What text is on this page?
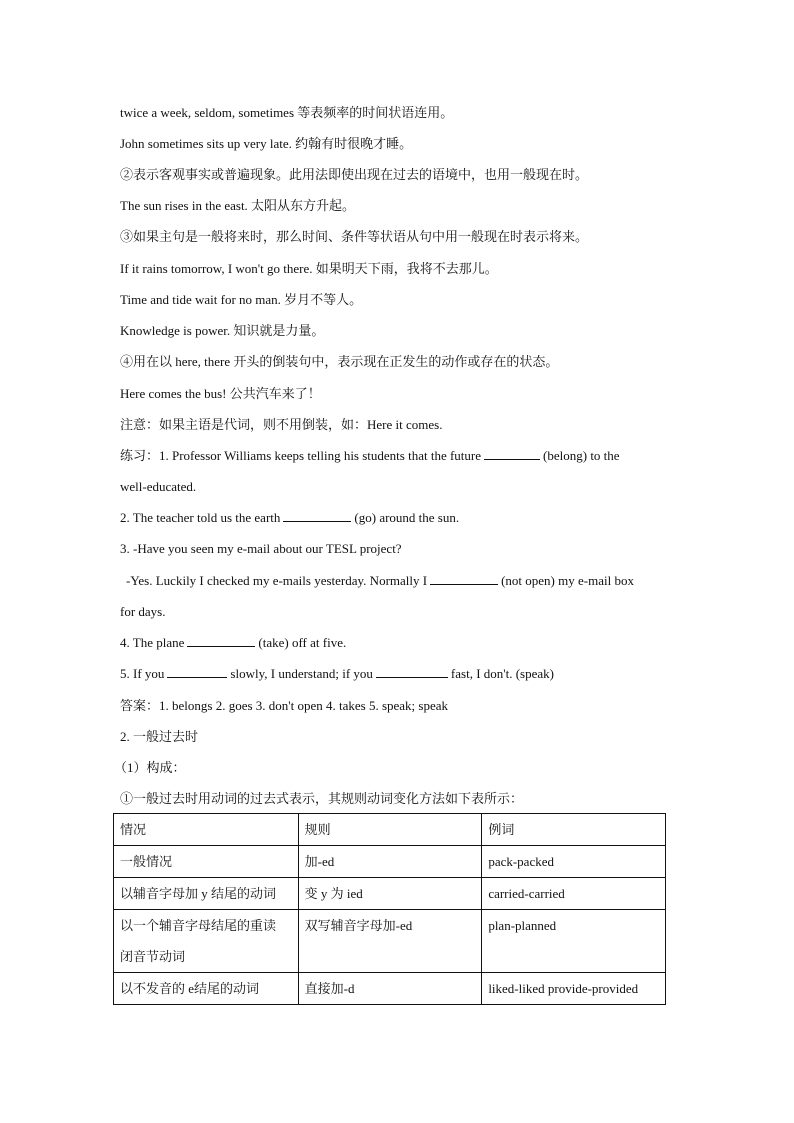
twice a week, seldom, sometimes 等表频率的时间状语连用。
John sometimes sits up very late. 约翰有时很晚才睡。
②表示客观事实或普遍现象。此用法即使出现在过去的语境中，也用一般现在时。
The sun rises in the east. 太阳从东方升起。
③如果主句是一般将来时，那么时间、条件等状语从句中用一般现在时表示将来。
If it rains tomorrow, I won't go there. 如果明天下雨，我将不去那儿。
Time and tide wait for no man. 岁月不等人。
Knowledge is power. 知识就是力量。
④用在以 here, there 开头的倒装句中，表示现在正发生的动作或存在的状态。
Here comes the bus! 公共汽车来了！
注意：如果主语是代词，则不用倒装，如：Here it comes.
练习：1. Professor Williams keeps telling his students that the future	(belong) to the
well-educated.
2. The teacher told us the earth	(go) around the sun.
3. -Have you seen my e-mail about our TESL project?
-Yes. Luckily I checked my e-mails yesterday. Normally I	(not open) my e-mail box
for days.
4. The plane	(take) off at five.
5. If you	slowly, I understand; if you	fast, I don't. (speak)
答案：1. belongs 2. goes 3. don't open 4. takes 5. speak; speak
2. 一般过去时
（1）构成：
①一般过去时用动词的过去式表示，其规则动词变化方法如下表所示：
情况	规则	例词
一般情况	加-ed	pack-packed
以辅音字母加 y 结尾的动词	变 y 为 ied	carried-carried

以一个辅音字母结尾的重读
闭音节动词	双写辅音字母加-ed	plan-planned
以不发音的 e结尾的动词	直接加-d	liked-liked provide-provided
